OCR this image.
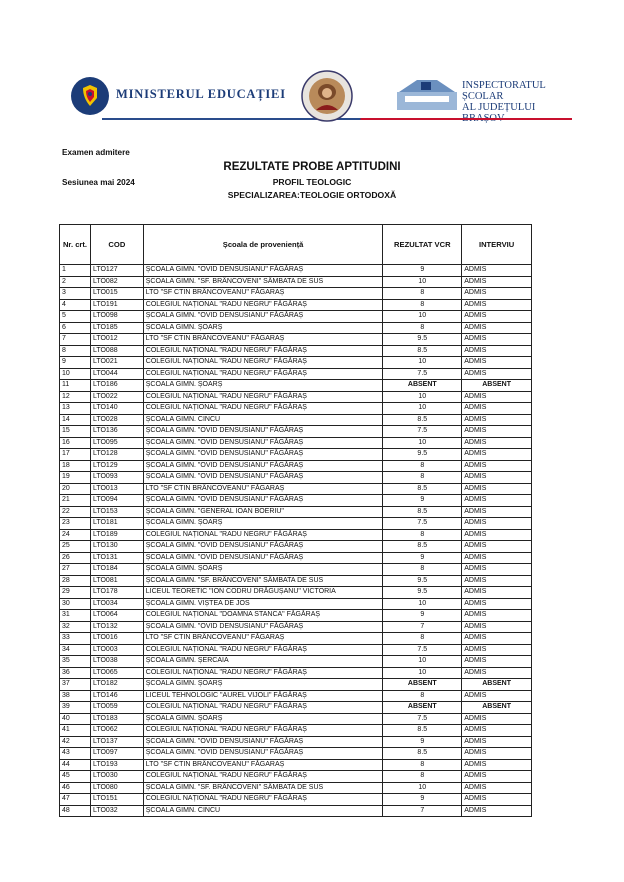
MINISTERUL EDUCAȚIEI
INSPECTORATUL ȘCOLAR
AL JUDEȚULUI
Examen admitere
Sesiunea mai 2024
REZULTATE PROBE APTITUDINI
PROFIL TEOLOGIC
SPECIALIZAREA:TEOLOGIE ORTODOXĂ
Nr. crt.	COD	Școala de proveniență	REZULTAT VCR	INTERVIU
1	LTO127	ȘCOALA GIMN. "OVID DENSUSIANU" FĂGĂRAȘ	9	ADMIS
2	LTO082	ȘCOALA GIMN. "SF. BRÂNCOVENI" SÂMBATA DE SUS	10	ADMIS
3	LTO015	LTO "SF CTIN BRÂNCOVEANU" FĂGARAȘ	8	ADMIS
4	LTO191	COLEGIUL NAȚIONAL "RADU NEGRU" FĂGĂRAȘ	8	ADMIS
5	LTO098	ȘCOALA GIMN. "OVID DENSUSIANU" FĂGĂRAȘ	10	ADMIS
6	LTO185	ȘCOALA GIMN. ȘOARȘ	8	ADMIS
7	LTO012	LTO "SF CTIN BRÂNCOVEANU" FĂGARAȘ	9.5	ADMIS
8	LTO088	COLEGIUL NAȚIONAL "RADU NEGRU" FĂGĂRAȘ	8.5	ADMIS
9	LTO021	COLEGIUL NAȚIONAL "RADU NEGRU" FĂGĂRAȘ	10	ADMIS
10	LTO044	COLEGIUL NAȚIONAL "RADU NEGRU" FĂGĂRAȘ	7.5	ADMIS
11	LTO186	ȘCOALA GIMN. ȘOARȘ	ABSENT	ABSENT
12	LTO022	COLEGIUL NAȚIONAL "RADU NEGRU" FĂGĂRAȘ	10	ADMIS
13	LTO140	COLEGIUL NAȚIONAL "RADU NEGRU" FĂGĂRAȘ	10	ADMIS
14	LTO028	ȘCOALA GIMN. CINCU	8.5	ADMIS
15	LTO136	ȘCOALA GIMN. "OVID DENSUSIANU" FĂGĂRAȘ	7.5	ADMIS
16	LTO095	ȘCOALA GIMN. "OVID DENSUSIANU" FĂGĂRAȘ	10	ADMIS
17	LTO128	ȘCOALA GIMN. "OVID DENSUSIANU" FĂGĂRAȘ	9.5	ADMIS
18	LTO129	ȘCOALA GIMN. "OVID DENSUSIANU" FĂGĂRAȘ	8	ADMIS
19	LTO093	ȘCOALA GIMN. "OVID DENSUSIANU" FĂGĂRAȘ	8	ADMIS
20	LTO013	LTO "SF CTIN BRÂNCOVEANU" FĂGARAȘ	8.5	ADMIS
21	LTO094	ȘCOALA GIMN. "OVID DENSUSIANU" FĂGĂRAȘ	9	ADMIS
22	LTO153	ȘCOALA GIMN. "GENERAL IOAN BOERIU"	8.5	ADMIS
23	LTO181	ȘCOALA GIMN. ȘOARȘ	7.5	ADMIS
24	LTO189	COLEGIUL NAȚIONAL "RADU NEGRU" FĂGĂRAȘ	8	ADMIS
25	LTO130	ȘCOALA GIMN. "OVID DENSUSIANU" FĂGĂRAȘ	8.5	ADMIS
26	LTO131	ȘCOALA GIMN. "OVID DENSUSIANU" FĂGĂRAȘ	9	ADMIS
27	LTO184	ȘCOALA GIMN. ȘOARȘ	8	ADMIS
28	LTO081	ȘCOALA GIMN. "SF. BRÂNCOVENI" SÂMBATA DE SUS	9.5	ADMIS
29	LTO178	LICEUL TEORETIC "ION CODRU DRĂGUȘANU" VICTORIA	9.5	ADMIS
30	LTO034	ȘCOALA GIMN. VIȘTEA DE JOS	10	ADMIS
31	LTO064	COLEGIUL NAȚIONAL "DOAMNA STANCA" FĂGĂRAȘ	9	ADMIS
32	LTO132	ȘCOALA GIMN. "OVID DENSUSIANU" FĂGĂRAȘ	7	ADMIS
33	LTO016	LTO "SF CTIN BRÂNCOVEANU" FĂGARAȘ	8	ADMIS
34	LTO003	COLEGIUL NAȚIONAL "RADU NEGRU" FĂGĂRAȘ	7.5	ADMIS
35	LTO038	ȘCOALA GIMN. ȘERCAIA	10	ADMIS
36	LTO065	COLEGIUL NAȚIONAL "RADU NEGRU" FĂGĂRAȘ	10	ADMIS
37	LTO182	ȘCOALA GIMN. ȘOARȘ	ABSENT	ABSENT
38	LTO146	LICEUL TEHNOLOGIC "AUREL VIJOLI" FĂGĂRAȘ	8	ADMIS
39	LTO059	COLEGIUL NAȚIONAL "RADU NEGRU" FĂGĂRAȘ	ABSENT	ABSENT
40	LTO183	ȘCOALA GIMN. ȘOARȘ	7.5	ADMIS
41	LTO062	COLEGIUL NAȚIONAL "RADU NEGRU" FĂGĂRAȘ	8.5	ADMIS
42	LTO137	ȘCOALA GIMN. "OVID DENSUSIANU" FĂGĂRAȘ	9	ADMIS
43	LTO097	ȘCOALA GIMN. "OVID DENSUSIANU" FĂGĂRAȘ	8.5	ADMIS
44	LTO193	LTO "SF CTIN BRÂNCOVEANU" FĂGARAȘ	8	ADMIS
45	LTO030	COLEGIUL NAȚIONAL "RADU NEGRU" FĂGĂRAȘ	8	ADMIS
46	LTO080	ȘCOALA GIMN. "SF. BRÂNCOVENI" SÂMBATA DE SUS	10	ADMIS
47	LTO151	COLEGIUL NAȚIONAL "RADU NEGRU" FĂGĂRAȘ	9	ADMIS
48	LTO032	ȘCOALA GIMN. CINCU	7	ADMIS
